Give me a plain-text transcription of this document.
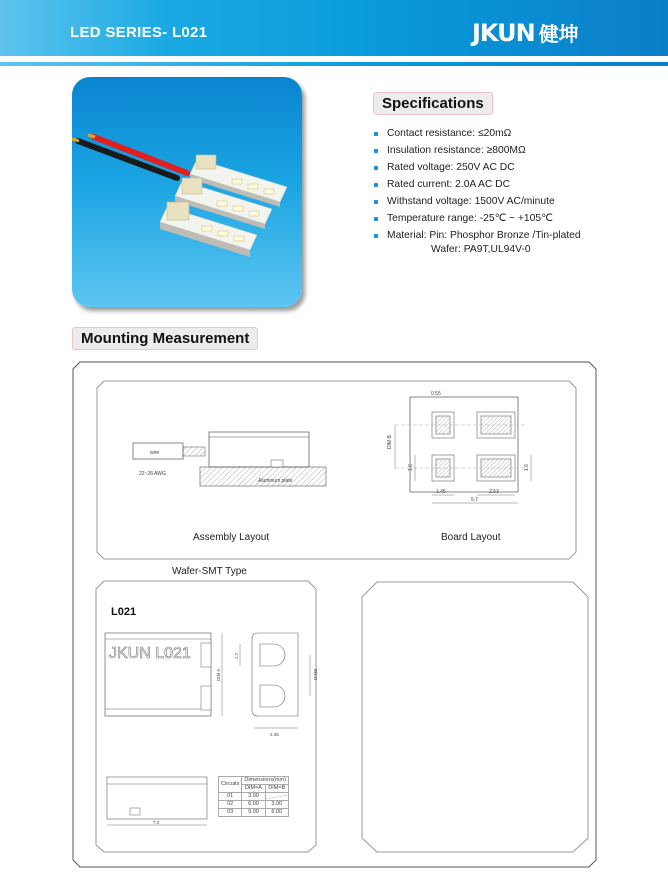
LED SERIES- L021	JKUN 健坤
Specifications
Contact resistance: ≤20mΩ
Insulation resistance: ≥800MΩ
Rated voltage: 250V AC DC
Rated current: 2.0A AC DC
Withstand voltage: 1500V AC/minute
Temperature range: -25℃ ~ +105℃
Material: Pin: Phosphor Bronze /Tin-plated
Wafer: PA9T,UL94V-0
Mounting Measurement
wire
22~26 AWG
Aluminum plate
Assembly Layout
0.55
DIM B
1.6	1.6
1.45	2.53
5.7
Board Layout
Wafer-SMT Type
L021
JKUN L021
DIM A
1.7
DIMB
2.45
7.0
Circuits	Dimensions(mm)	
	DIM=A	DIM=B
01	3.00	
02	6.00	3.00
03	9.00	6.00
